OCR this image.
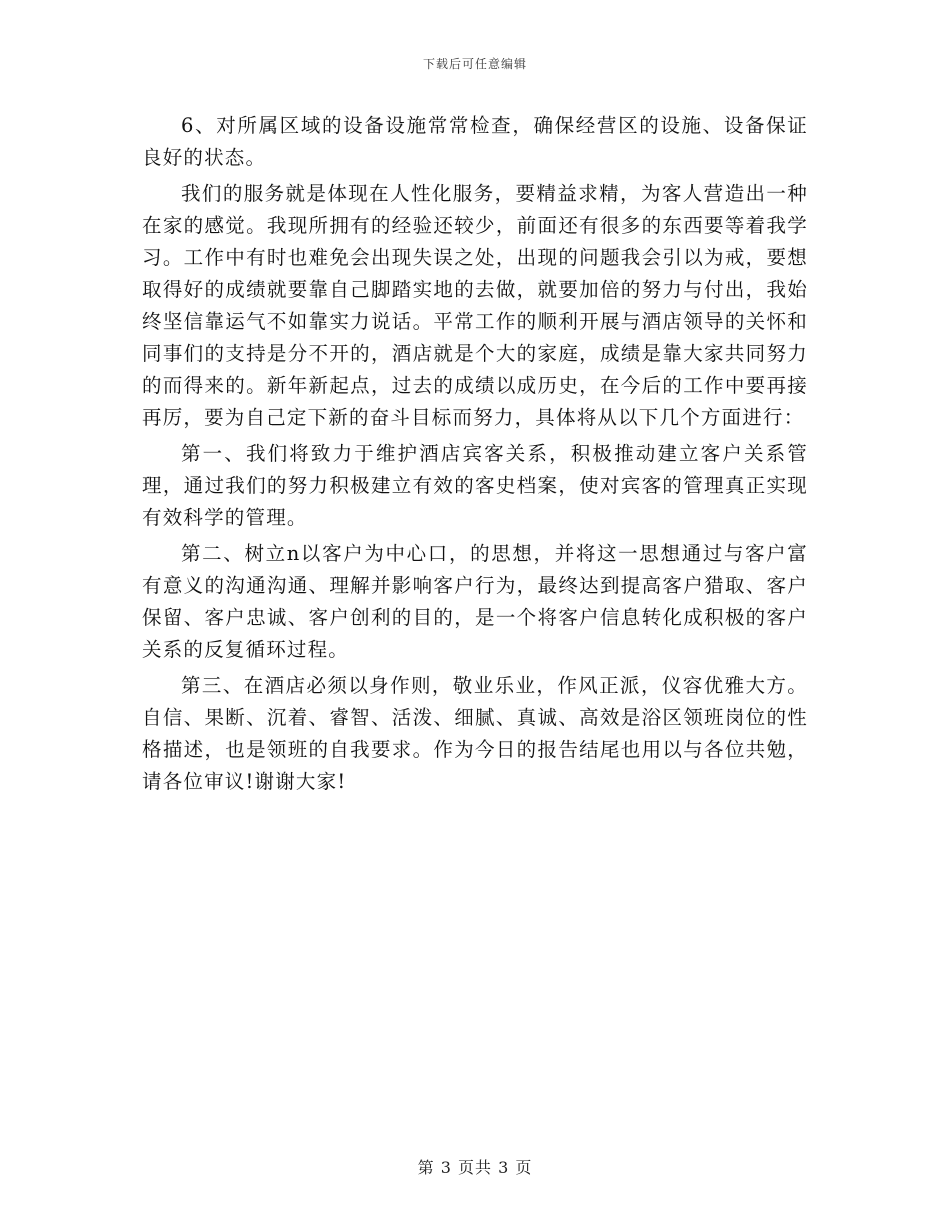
下载后可任意编辑

6、对所属区域的设备设施常常检查，确保经营区的设施、设备保证良好的状态。

我们的服务就是体现在人性化服务，要精益求精，为客人营造出一种在家的感觉。我现所拥有的经验还较少，前面还有很多的东西要等着我学习。工作中有时也难免会出现失误之处，出现的问题我会引以为戒，要想取得好的成绩就要靠自己脚踏实地的去做，就要加倍的努力与付出，我始终坚信靠运气不如靠实力说话。平常工作的顺利开展与酒店领导的关怀和同事们的支持是分不开的，酒店就是个大的家庭，成绩是靠大家共同努力的而得来的。新年新起点，过去的成绩以成历史，在今后的工作中要再接再厉，要为自己定下新的奋斗目标而努力，具体将从以下几个方面进行：

第一、我们将致力于维护酒店宾客关系，积极推动建立客户关系管理，通过我们的努力积极建立有效的客史档案，使对宾客的管理真正实现有效科学的管理。

第二、树立n以客户为中心口，的思想，并将这一思想通过与客户富有意义的沟通沟通、理解并影响客户行为，最终达到提高客户猎取、客户保留、客户忠诚、客户创利的目的，是一个将客户信息转化成积极的客户关系的反复循环过程。

第三、在酒店必须以身作则，敬业乐业，作风正派，仪容优雅大方。自信、果断、沉着、睿智、活泼、细腻、真诚、高效是浴区领班岗位的性格描述，也是领班的自我要求。作为今日的报告结尾也用以与各位共勉，请各位审议!谢谢大家!

第 3 页共 3 页
